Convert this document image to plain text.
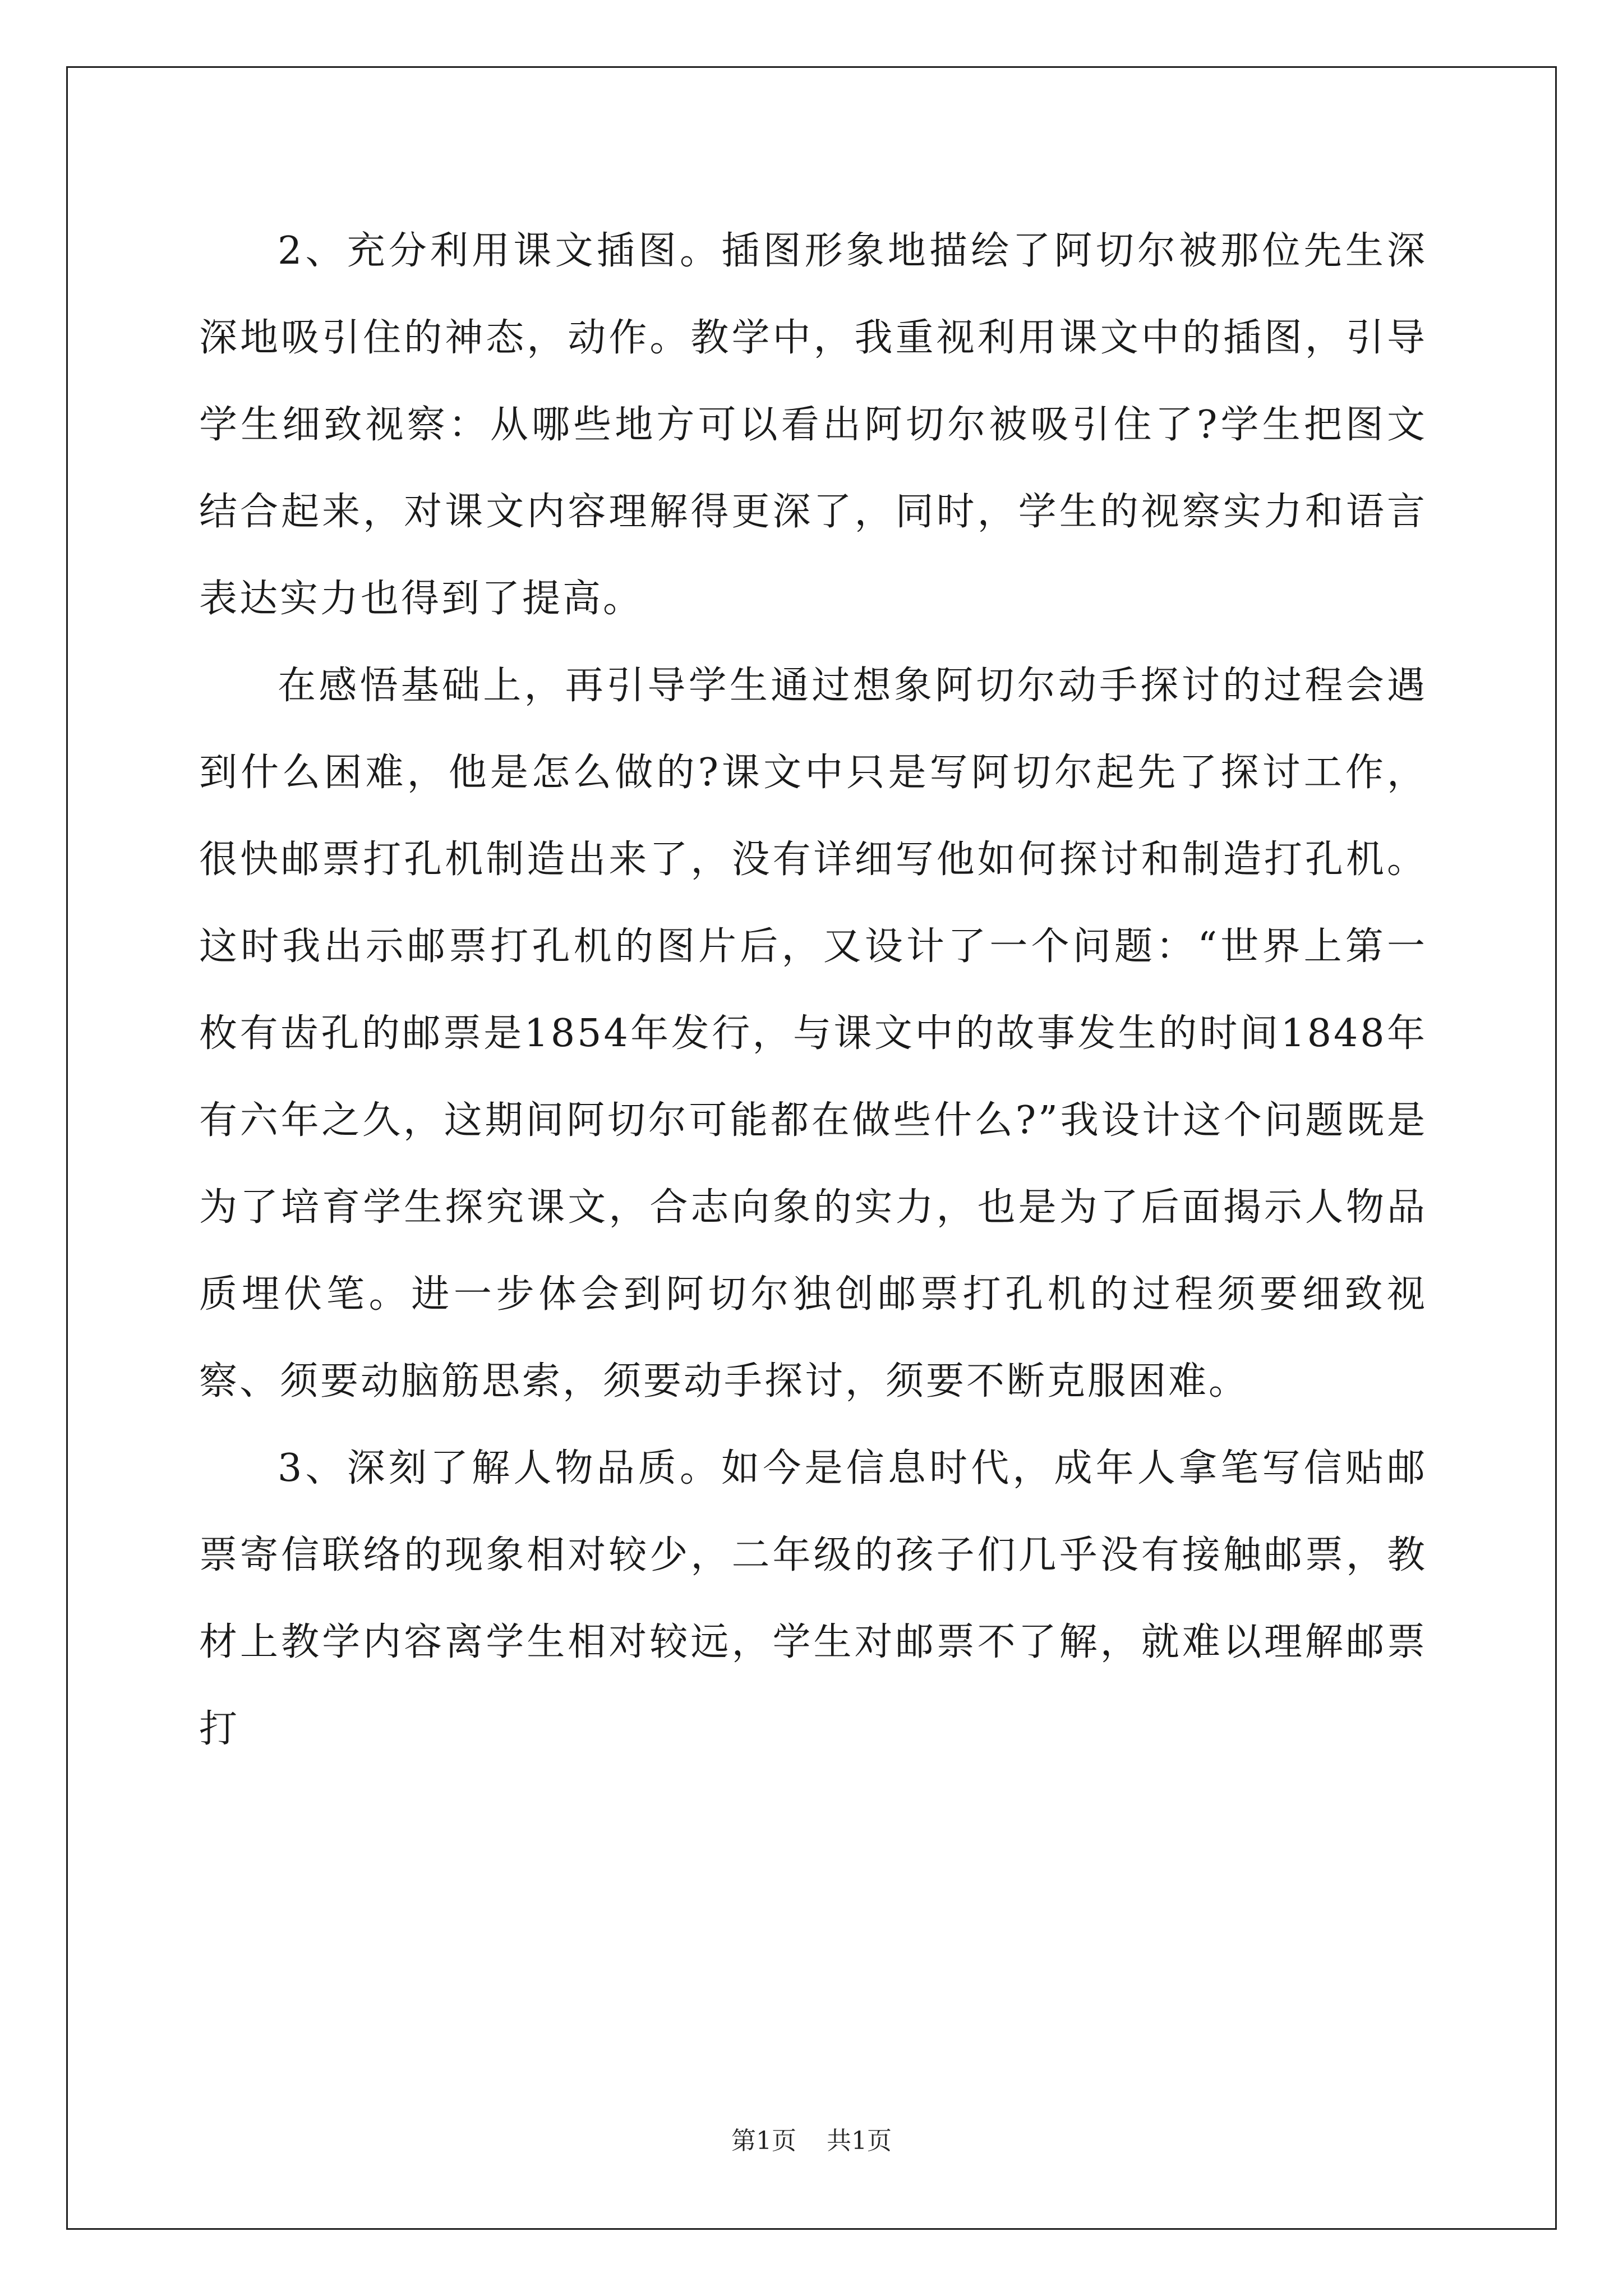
2、充分利用课文插图。插图形象地描绘了阿切尔被那位先生深深地吸引住的神态，动作。教学中，我重视利用课文中的插图，引导学生细致视察：从哪些地方可以看出阿切尔被吸引住了?学生把图文结合起来，对课文内容理解得更深了，同时，学生的视察实力和语言表达实力也得到了提高。

在感悟基础上，再引导学生通过想象阿切尔动手探讨的过程会遇到什么困难，他是怎么做的?课文中只是写阿切尔起先了探讨工作，很快邮票打孔机制造出来了，没有详细写他如何探讨和制造打孔机。这时我出示邮票打孔机的图片后，又设计了一个问题：“世界上第一枚有齿孔的邮票是1854年发行，与课文中的故事发生的时间1848年有六年之久，这期间阿切尔可能都在做些什么?”我设计这个问题既是为了培育学生探究课文，合志向象的实力，也是为了后面揭示人物品质埋伏笔。进一步体会到阿切尔独创邮票打孔机的过程须要细致视察、须要动脑筋思索，须要动手探讨，须要不断克服困难。

3、深刻了解人物品质。如今是信息时代，成年人拿笔写信贴邮票寄信联络的现象相对较少，二年级的孩子们几乎没有接触邮票，教材上教学内容离学生相对较远，学生对邮票不了解，就难以理解邮票打

第1页 共1页
